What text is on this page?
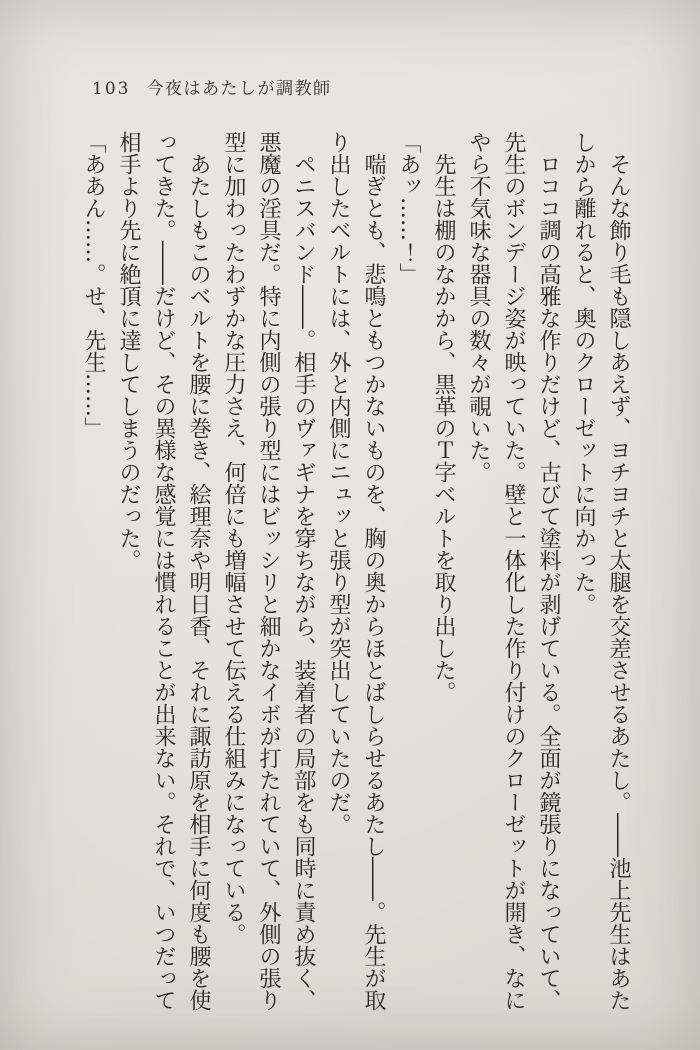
103 今夜はあたしが調教師

　そんな飾り毛も隠しあえず、ヨチヨチと太腿を交差させるあたし。――池上先生はあたしから離れると、奥のクローゼットに向かった。

　ロココ調の高雅な作りだけど、古びて塗料が剥げている。全面が鏡張りになっていて、先生のボンデージ姿が映っていた。壁と一体化した作り付けのクローゼットが開き、なにやら不気味な器具の数々が覗いた。

　先生は棚のなかから、黒革のＴ字ベルトを取り出した。

「あッ……！」

　喘ぎとも、悲鳴ともつかないものを、胸の奥からほとばしらせるあたし――。先生が取り出したベルトには、外と内側にニュッと張り型が突出していたのだ。

　ペニスバンド――。相手のヴァギナを穿ちながら、装着者の局部をも同時に責め抜く、悪魔の淫具だ。特に内側の張り型にはビッシリと細かなイボが打たれていて、外側の張り型に加わったわずかな圧力さえ、何倍にも増幅させて伝える仕組みになっている。

　あたしもこのベルトを腰に巻き、絵理奈や明日香、それに諏訪原を相手に何度も腰を使ってきた。――だけど、その異様な感覚には慣れることが出来ない。それで、いつだって相手より先に絶頂に達してしまうのだった。

「ああん……。せ、先生……」
